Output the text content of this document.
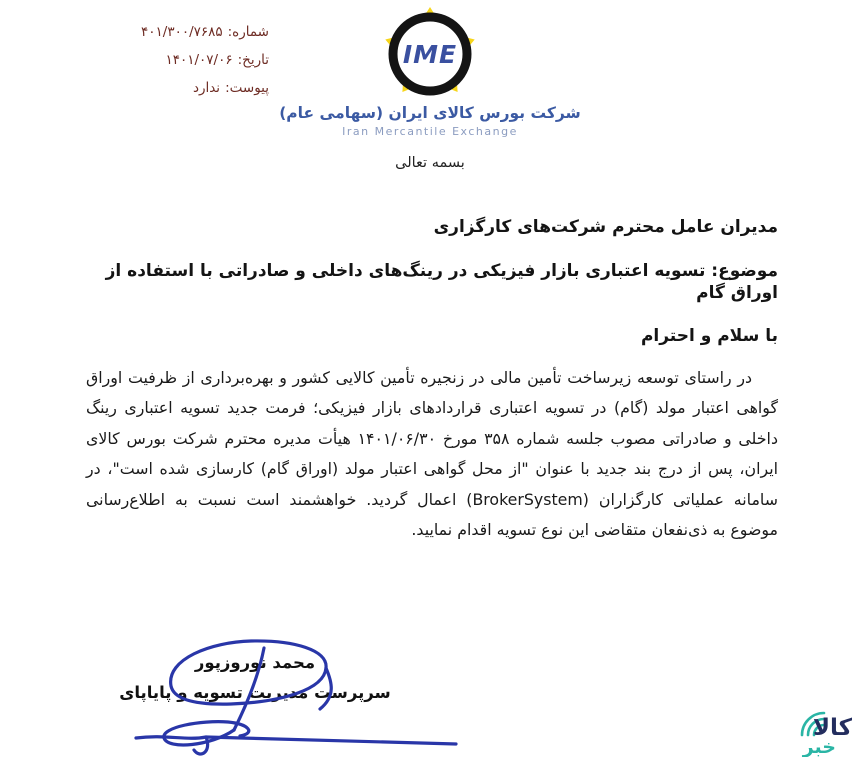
شماره:۴۰۱/۳۰۰/۷۶۸۵
تاریخ:۱۴۰۱/۰۷/۰۶
پیوست:ندارد
IME
شرکت بورس کالای ایران (سهامی عام)
Iran Mercantile Exchange
بسمه تعالی
مدیران عامل محترم شرکت‌های کارگزاری
موضوع: تسویه اعتباری بازار فیزیکی در رینگ‌های داخلی و صادراتی با استفاده از اوراق گام
با سلام و احترام

در راستای توسعه زیرساخت تأمین مالی در زنجیره تأمین کالایی کشور و بهره‌برداری از ظرفیت اوراق گواهی اعتبار مولد (گام) در تسویه اعتباری قراردادهای بازار فیزیکی؛ فرمت جدید تسویه اعتباری رینگ داخلی و صادراتی مصوب جلسه شماره ۳۵۸ مورخ ۱۴۰۱/۰۶/۳۰ هیأت مدیره محترم شرکت بورس کالای ایران، پس از درج بند جدید با عنوان "از محل گواهی اعتبار مولد (اوراق گام) کارسازی شده است"، در سامانه عملیاتی کارگزاران (BrokerSystem) اعمال گردید. خواهشمند است نسبت به اطلاع‌رسانی موضوع به ذی‌نفعان متقاضی این نوع تسویه اقدام نمایید.

محمد نوروزپور
سرپرست مدیریت تسویه و پایاپای
کالا
خبر
